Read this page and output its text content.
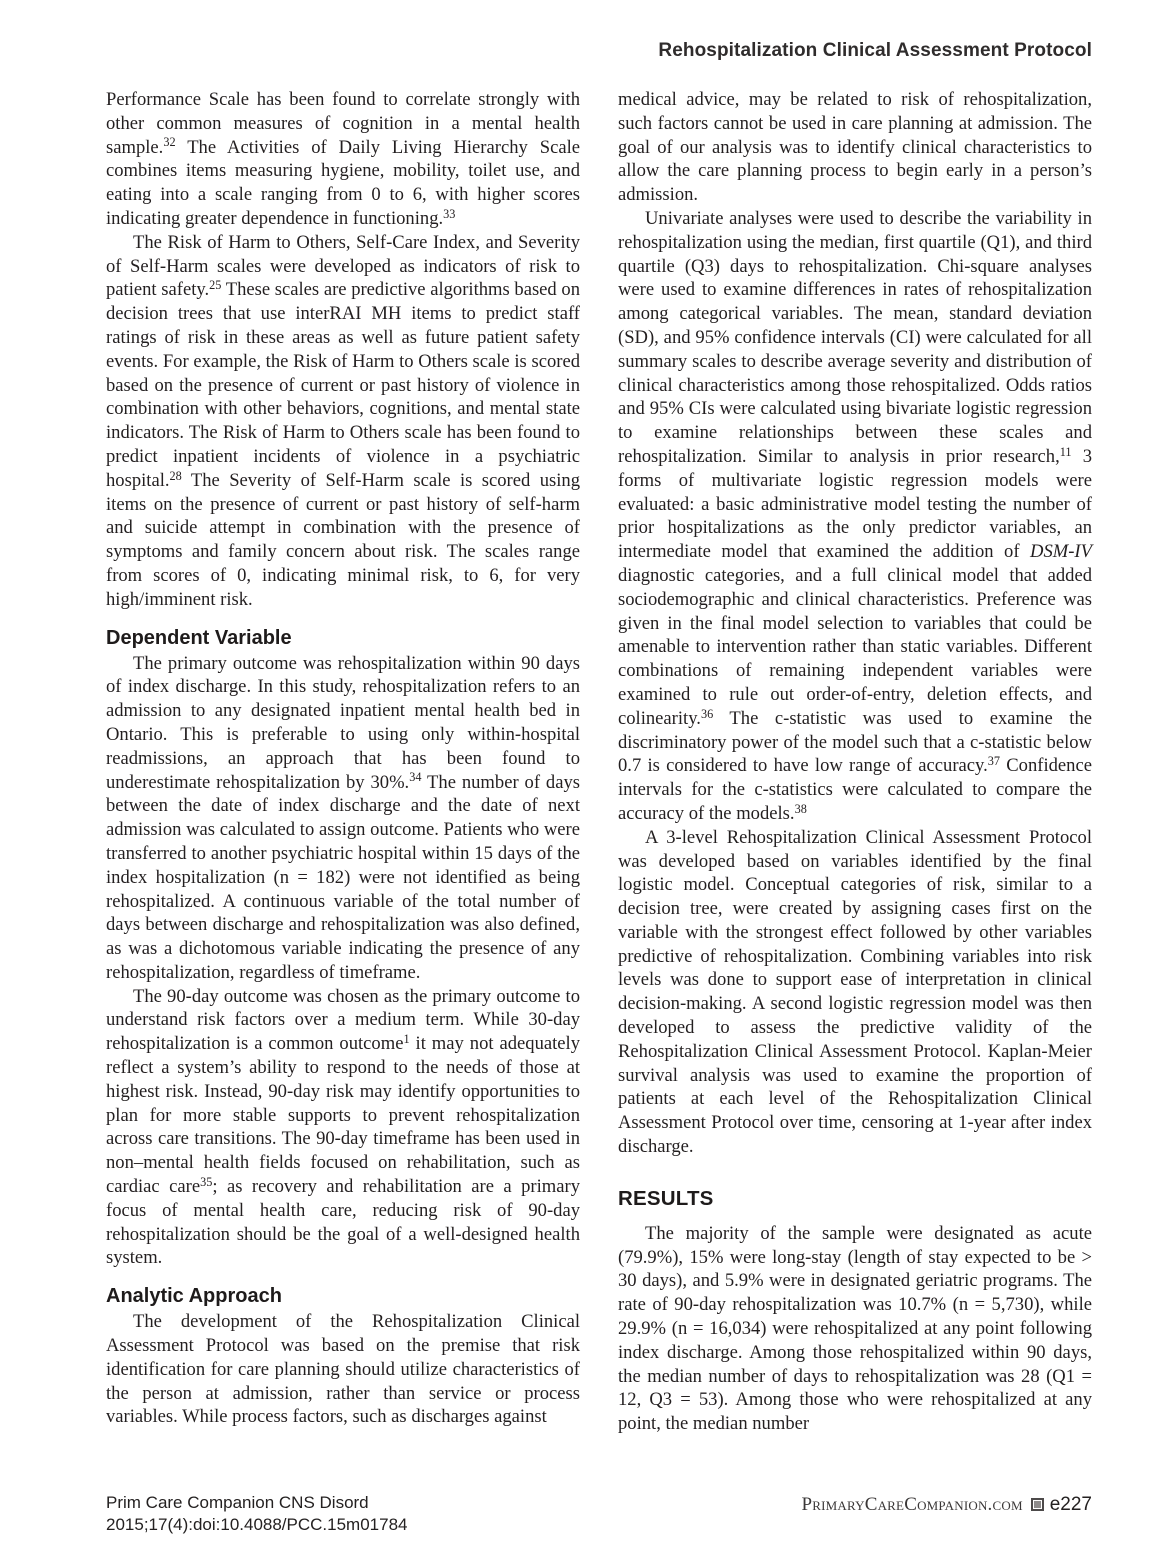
Rehospitalization Clinical Assessment Protocol

Performance Scale has been found to correlate strongly with other common measures of cognition in a mental health sample.$^{32}$ The Activities of Daily Living Hierarchy Scale combines items measuring hygiene, mobility, toilet use, and eating into a scale ranging from 0 to 6, with higher scores indicating greater dependence in functioning.$^{33}$

The Risk of Harm to Others, Self-Care Index, and Severity of Self-Harm scales were developed as indicators of risk to patient safety.$^{25}$ These scales are predictive algorithms based on decision trees that use interRAI MH items to predict staff ratings of risk in these areas as well as future patient safety events. For example, the Risk of Harm to Others scale is scored based on the presence of current or past history of violence in combination with other behaviors, cognitions, and mental state indicators. The Risk of Harm to Others scale has been found to predict inpatient incidents of violence in a psychiatric hospital.$^{28}$ The Severity of Self-Harm scale is scored using items on the presence of current or past history of self-harm and suicide attempt in combination with the presence of symptoms and family concern about risk. The scales range from scores of 0, indicating minimal risk, to 6, for very high/imminent risk.

Dependent Variable

The primary outcome was rehospitalization within 90 days of index discharge. In this study, rehospitalization refers to an admission to any designated inpatient mental health bed in Ontario. This is preferable to using only within-hospital readmissions, an approach that has been found to underestimate rehospitalization by 30%.$^{34}$ The number of days between the date of index discharge and the date of next admission was calculated to assign outcome. Patients who were transferred to another psychiatric hospital within 15 days of the index hospitalization (n = 182) were not identified as being rehospitalized. A continuous variable of the total number of days between discharge and rehospitalization was also defined, as was a dichotomous variable indicating the presence of any rehospitalization, regardless of timeframe.

The 90-day outcome was chosen as the primary outcome to understand risk factors over a medium term. While 30-day rehospitalization is a common outcome$^1$ it may not adequately reflect a system’s ability to respond to the needs of those at highest risk. Instead, 90-day risk may identify opportunities to plan for more stable supports to prevent rehospitalization across care transitions. The 90-day timeframe has been used in non–mental health fields focused on rehabilitation, such as cardiac care$^{35}$; as recovery and rehabilitation are a primary focus of mental health care, reducing risk of 90-day rehospitalization should be the goal of a well-designed health system.

Analytic Approach

The development of the Rehospitalization Clinical Assessment Protocol was based on the premise that risk identification for care planning should utilize characteristics of the person at admission, rather than service or process variables. While process factors, such as discharges against

medical advice, may be related to risk of rehospitalization, such factors cannot be used in care planning at admission. The goal of our analysis was to identify clinical characteristics to allow the care planning process to begin early in a person’s admission.

Univariate analyses were used to describe the variability in rehospitalization using the median, first quartile (Q1), and third quartile (Q3) days to rehospitalization. Chi-square analyses were used to examine differences in rates of rehospitalization among categorical variables. The mean, standard deviation (SD), and 95% confidence intervals (CI) were calculated for all summary scales to describe average severity and distribution of clinical characteristics among those rehospitalized. Odds ratios and 95% CIs were calculated using bivariate logistic regression to examine relationships between these scales and rehospitalization. Similar to analysis in prior research,$^{11}$ 3 forms of multivariate logistic regression models were evaluated: a basic administrative model testing the number of prior hospitalizations as the only predictor variables, an intermediate model that examined the addition of DSM-IV diagnostic categories, and a full clinical model that added sociodemographic and clinical characteristics. Preference was given in the final model selection to variables that could be amenable to intervention rather than static variables. Different combinations of remaining independent variables were examined to rule out order-of-entry, deletion effects, and colinearity.$^{36}$ The c-statistic was used to examine the discriminatory power of the model such that a c-statistic below 0.7 is considered to have low range of accuracy.$^{37}$ Confidence intervals for the c-statistics were calculated to compare the accuracy of the models.$^{38}$

A 3-level Rehospitalization Clinical Assessment Protocol was developed based on variables identified by the final logistic model. Conceptual categories of risk, similar to a decision tree, were created by assigning cases first on the variable with the strongest effect followed by other variables predictive of rehospitalization. Combining variables into risk levels was done to support ease of interpretation in clinical decision-making. A second logistic regression model was then developed to assess the predictive validity of the Rehospitalization Clinical Assessment Protocol. Kaplan-Meier survival analysis was used to examine the proportion of patients at each level of the Rehospitalization Clinical Assessment Protocol over time, censoring at 1-year after index discharge.

RESULTS

The majority of the sample were designated as acute (79.9%), 15% were long-stay (length of stay expected to be > 30 days), and 5.9% were in designated geriatric programs. The rate of 90-day rehospitalization was 10.7% (n = 5,730), while 29.9% (n = 16,034) were rehospitalized at any point following index discharge. Among those rehospitalized within 90 days, the median number of days to rehospitalization was 28 (Q1 = 12, Q3 = 53). Among those who were rehospitalized at any point, the median number

Prim Care Companion CNS Disord
2015;17(4):doi:10.4088/PCC.15m01784
PrimaryCareCompanion.com e227
